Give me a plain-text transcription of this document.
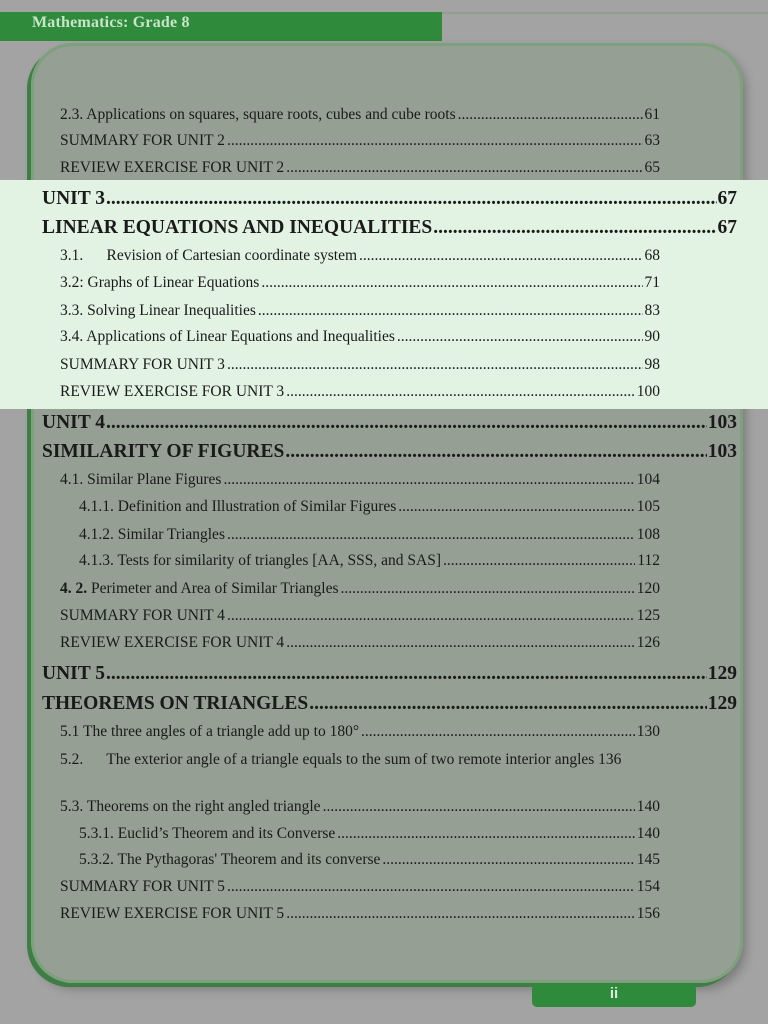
Mathematics: Grade 8
2.3. Applications on squares, square roots, cubes and cube roots .....	61
SUMMARY FOR UNIT 2 .....	63
REVIEW EXERCISE FOR UNIT 2 .....	65
UNIT 3 .....	67
LINEAR EQUATIONS AND INEQUALITIES .....	67
3.1.      Revision of Cartesian coordinate system .....	68
3.2: Graphs of Linear Equations .....	71
3.3. Solving Linear Inequalities .....	83
3.4. Applications of Linear Equations and Inequalities .....	90
SUMMARY FOR UNIT 3 .....	98
REVIEW EXERCISE FOR UNIT 3 .....	100
UNIT 4 .....	103
SIMILARITY OF FIGURES .....	103
4.1. Similar Plane Figures .....	104
4.1.1. Definition and Illustration of Similar Figures .....	105
4.1.2. Similar Triangles .....	108
4.1.3. Tests for similarity of triangles [AA, SSS, and SAS] .....	112
4. 2. Perimeter and Area of Similar Triangles .....	120
SUMMARY FOR UNIT 4 .....	125
REVIEW EXERCISE FOR UNIT 4 .....	126
UNIT 5 .....	129
THEOREMS ON TRIANGLES .....	129
5.1 The three angles of a triangle add up to 180° .....	130
5.2.      The exterior angle of a triangle equals to the sum of two remote interior angles 136
5.3. Theorems on the right angled triangle .....	140
5.3.1. Euclid’s Theorem and its Converse .....	140
5.3.2. The Pythagoras' Theorem and its converse .....	145
SUMMARY FOR UNIT 5 .....	154
REVIEW EXERCISE FOR UNIT 5 .....	156
ii
